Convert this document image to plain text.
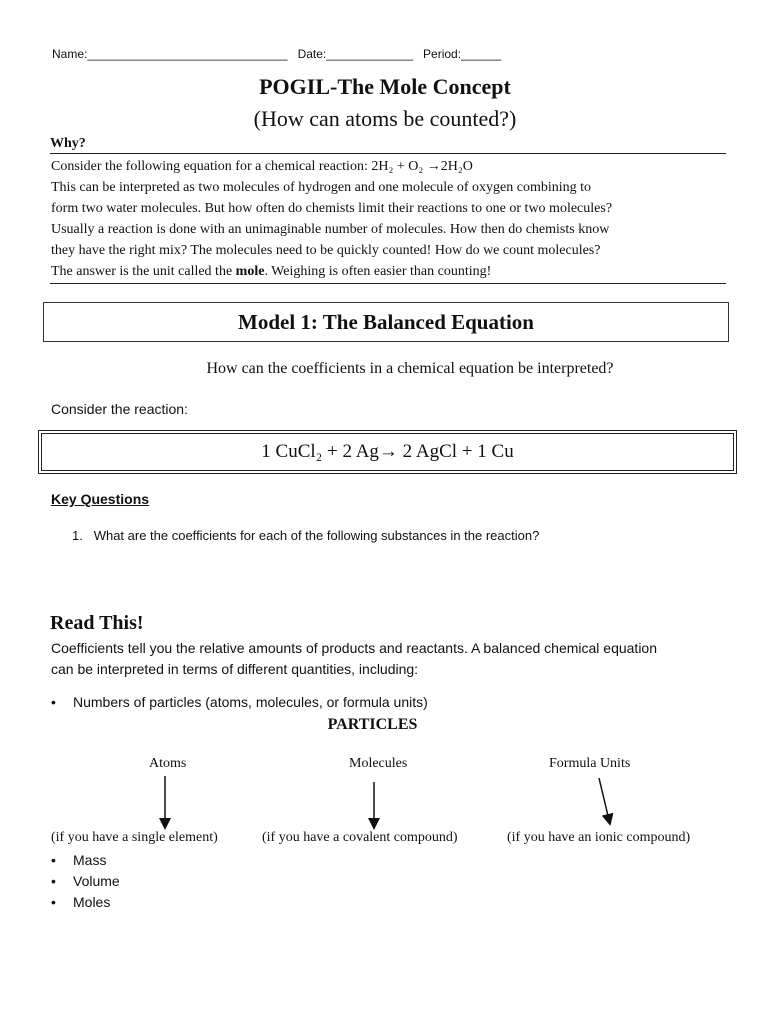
Name:______________________________ Date:_____________ Period:______
POGIL-The Mole Concept
(How can atoms be counted?)
Why?

Consider the following equation for a chemical reaction: 2H₂ + O₂ →2H₂O

This can be interpreted as two molecules of hydrogen and one molecule of oxygen combining to

form two water molecules. But how often do chemists limit their reactions to one or two molecules?

Usually a reaction is done with an unimaginable number of molecules. How then do chemists know

they have the right mix? The molecules need to be quickly counted! How do we count molecules?

The answer is the unit called the mole. Weighing is often easier than counting!

Model 1: The Balanced Equation
How can the coefficients in a chemical equation be interpreted?
Consider the reaction:
1 CuCl₂ + 2 Ag→ 2 AgCl + 1 Cu
Key Questions
1. What are the coefficients for each of the following substances in the reaction?
Read This!
Coefficients tell you the relative amounts of products and reactants. A balanced chemical equation
can be interpreted in terms of different quantities, including:
• Numbers of particles (atoms, molecules, or formula units)
PARTICLES
Atoms	Molecules	Formula Units
(if you have a single element)	(if you have a covalent compound)	(if you have an ionic compound)
• Mass
• Volume
• Moles
